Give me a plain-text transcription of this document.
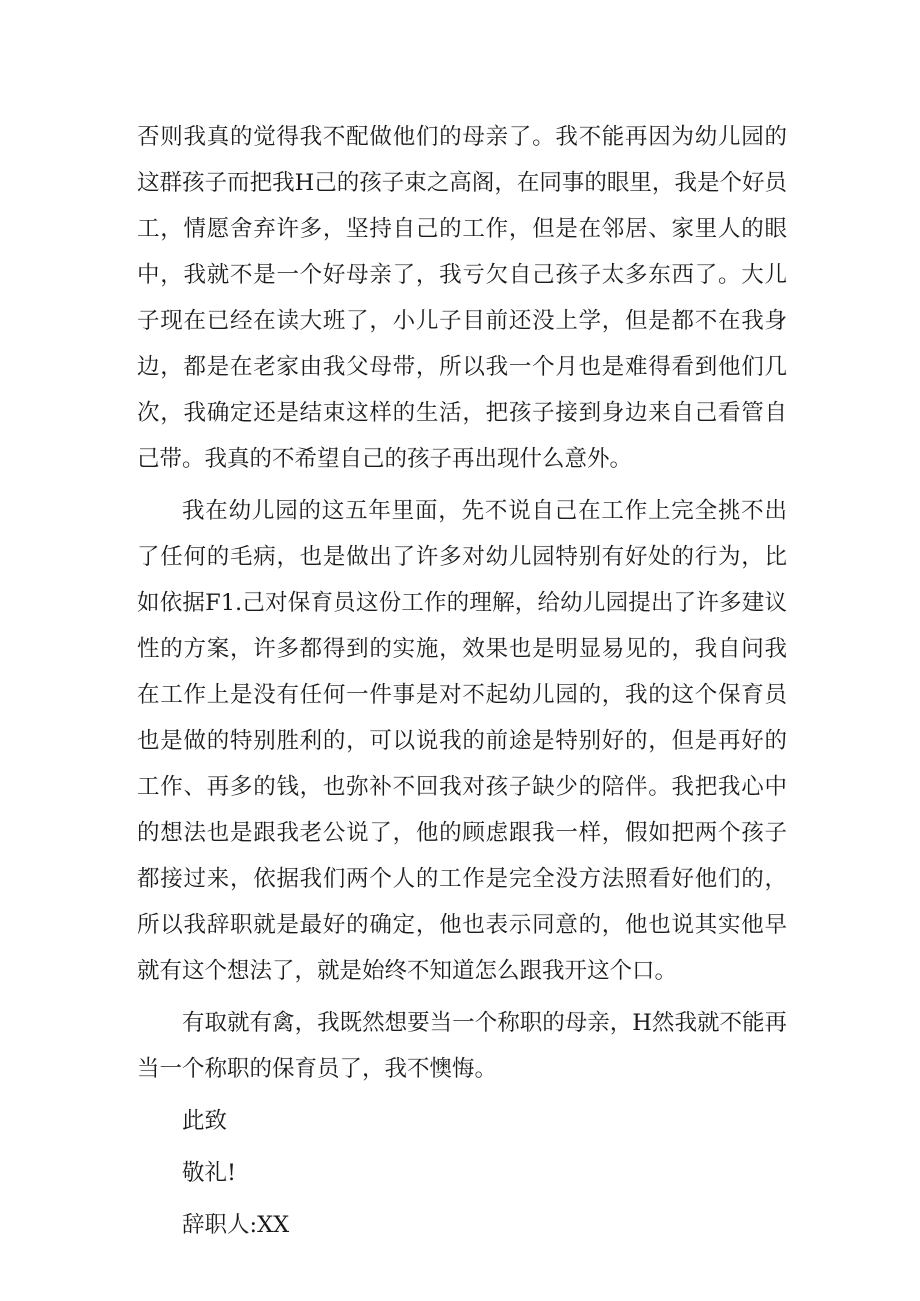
否则我真的觉得我不配做他们的母亲了。我不能再因为幼儿园的这群孩子而把我H己的孩子束之高阁，在同事的眼里，我是个好员工，情愿舍弃许多，坚持自己的工作，但是在邻居、家里人的眼中，我就不是一个好母亲了，我亏欠自己孩子太多东西了。大儿子现在已经在读大班了，小儿子目前还没上学，但是都不在我身边，都是在老家由我父母带，所以我一个月也是难得看到他们几次，我确定还是结束这样的生活，把孩子接到身边来自己看管自己带。我真的不希望自己的孩子再出现什么意外。

我在幼儿园的这五年里面，先不说自己在工作上完全挑不出了任何的毛病，也是做出了许多对幼儿园特别有好处的行为，比如依据F1.己对保育员这份工作的理解，给幼儿园提出了许多建议性的方案，许多都得到的实施，效果也是明显易见的，我自问我在工作上是没有任何一件事是对不起幼儿园的，我的这个保育员也是做的特别胜利的，可以说我的前途是特别好的，但是再好的工作、再多的钱，也弥补不回我对孩子缺少的陪伴。我把我心中的想法也是跟我老公说了，他的顾虑跟我一样，假如把两个孩子都接过来，依据我们两个人的工作是完全没方法照看好他们的，所以我辞职就是最好的确定，他也表示同意的，他也说其实他早就有这个想法了，就是始终不知道怎么跟我开这个口。

有取就有禽，我既然想要当一个称职的母亲，H然我就不能再当一个称职的保育员了，我不懊悔。

此致

敬礼!

辞职人:XX
